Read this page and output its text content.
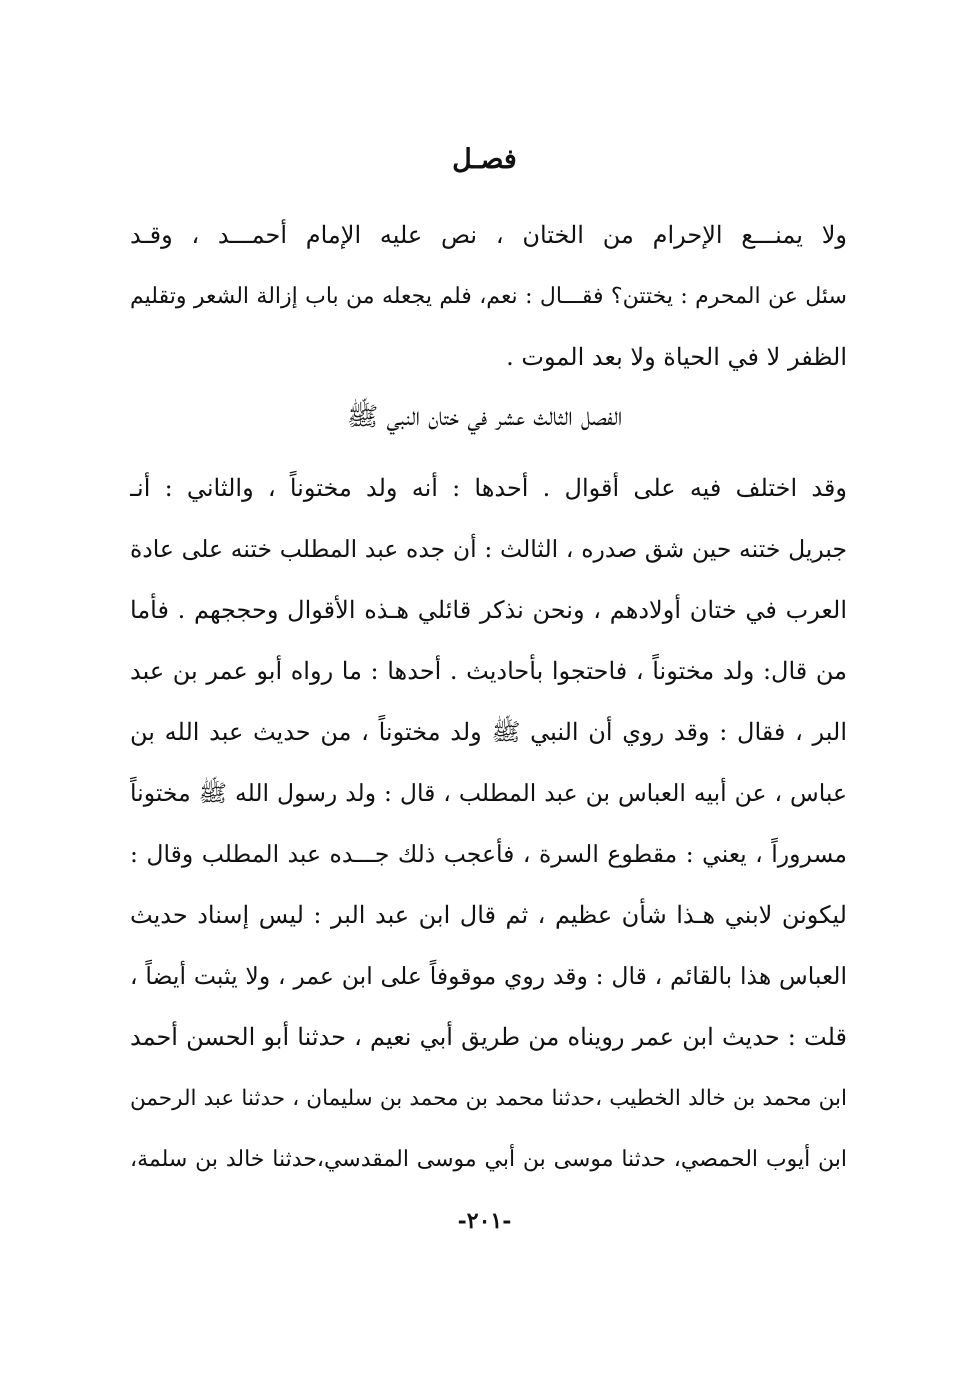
فصـل
ولا يمنـــع الإحرام من الختان ، نص عليه الإمام أحمـــد ، وقـد
سئل عن المحرم : يختتن؟ فقـــال : نعم، فلم يجعله من باب إزالة الشعر وتقليم
الظفر لا في الحياة ولا بعد الموت .
الفصل الثالث عشر في ختان النبي ﷺ
وقد اختلف فيه على أقوال . أحدها : أنه ولد مختوناً ، والثاني : أنـ
جبريل ختنه حين شق صدره ، الثالث : أن جده عبد المطلب ختنه على عادة
العرب في ختان أولادهم ، ونحن نذكر قائلي هـذه الأقوال وحججهم . فأما
من قال: ولد مختوناً ، فاحتجوا بأحاديث . أحدها : ما رواه أبو عمر بن عبد
البر ، فقال : وقد روي أن النبي ﷺ ولد مختوناً ، من حديث عبد الله بن
عباس ، عن أبيه العباس بن عبد المطلب ، قال : ولد رسول الله ﷺ مختوناً
مسروراً ، يعني : مقطوع السرة ، فأعجب ذلك جـــده عبد المطلب وقال :
ليكونن لابني هـذا شأن عظيم ، ثم قال ابن عبد البر : ليس إسناد حديث
العباس هذا بالقائم ، قال : وقد روي موقوفاً على ابن عمر ، ولا يثبت أيضاً ،
قلت : حديث ابن عمر رويناه من طريق أبي نعيم ، حدثنا أبو الحسن أحمد
ابن محمد بن خالد الخطيب ،حدثنا محمد بن محمد بن سليمان ، حدثنا عبد الرحمن
ابن أيوب الحمصي، حدثنا موسى بن أبي موسى المقدسي،حدثنا خالد بن سلمة،
-٢٠١-
